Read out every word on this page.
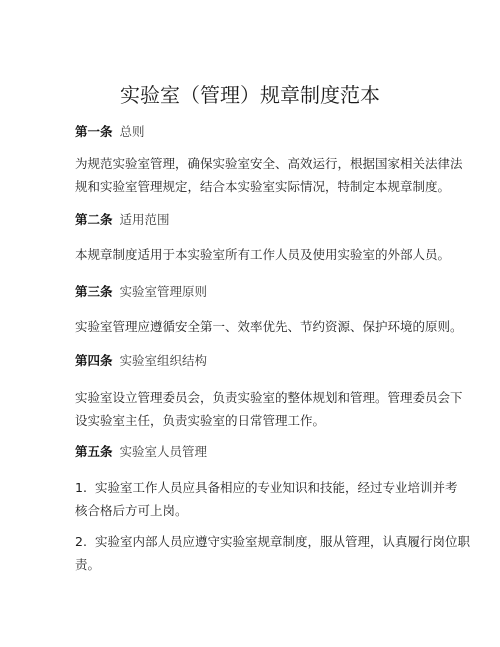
实验室（管理）规章制度范本
第一条 总则
为规范实验室管理，确保实验室安全、高效运行，根据国家相关法律法
规和实验室管理规定，结合本实验室实际情况，特制定本规章制度。
第二条 适用范围
本规章制度适用于本实验室所有工作人员及使用实验室的外部人员。
第三条 实验室管理原则
实验室管理应遵循安全第一、效率优先、节约资源、保护环境的原则。
第四条 实验室组织结构
实验室设立管理委员会，负责实验室的整体规划和管理。管理委员会下
设实验室主任，负责实验室的日常管理工作。
第五条 实验室人员管理
1. 实验室工作人员应具备相应的专业知识和技能，经过专业培训并考
核合格后方可上岗。
2. 实验室内部人员应遵守实验室规章制度，服从管理，认真履行岗位职
责。
